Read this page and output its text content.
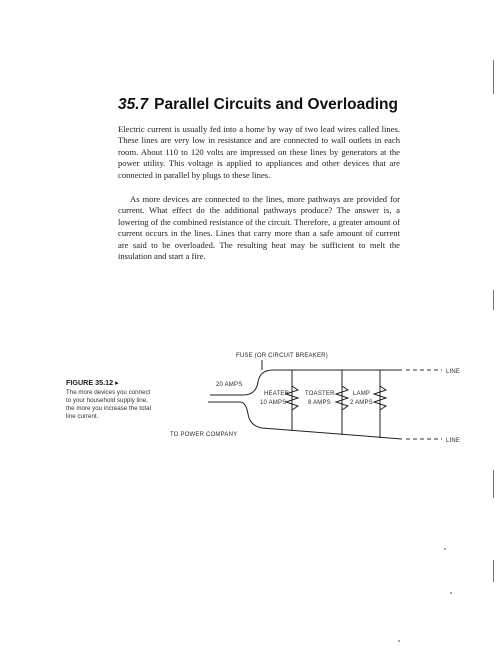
35.7 Parallel Circuits and Overloading
Electric current is usually fed into a home by way of two lead wires called lines. These lines are very low in resistance and are connected to wall outlets in each room. About 110 to 120 volts are impressed on these lines by generators at the power utility. This voltage is applied to appliances and other devices that are connected in parallel by plugs to these lines.
As more devices are connected to the lines, more pathways are provided for current. What effect do the additional pathways produce? The answer is, a lowering of the combined resistance of the circuit. Therefore, a greater amount of current occurs in the lines. Lines that carry more than a safe amount of current are said to be overloaded. The resulting heat may be sufficient to melt the insulation and start a fire.
FIGURE 35.12 ▸
The more devices you connect to your household supply line, the more you increase the total line current.
FUSE (OR CIRCUIT BREAKER)
20 AMPS
LINE
LINE
HEATER
10 AMPS
TOASTER
8 AMPS
LAMP
2 AMPS
TO POWER COMPANY
